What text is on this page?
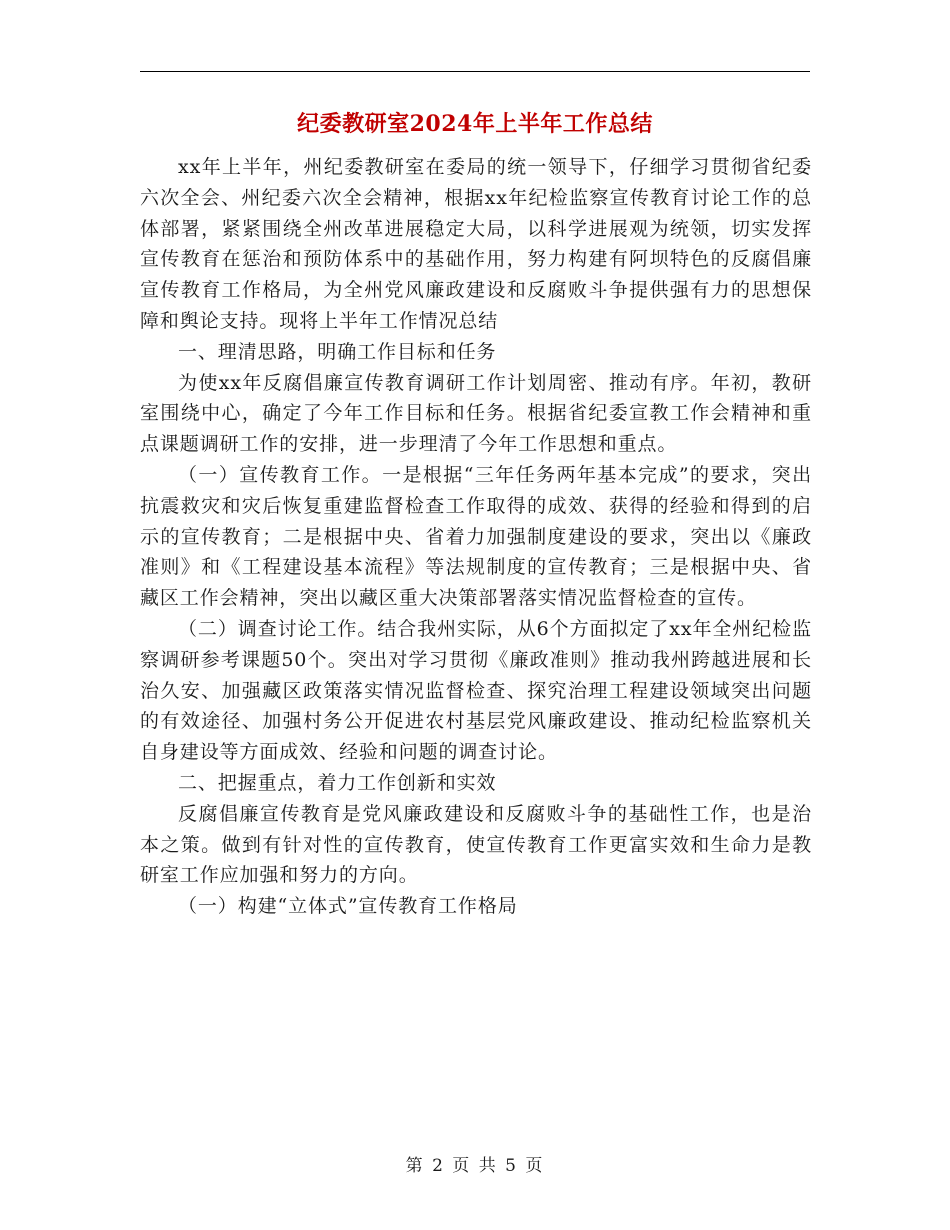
纪委教研室2024年上半年工作总结

xx年上半年，州纪委教研室在委局的统一领导下，仔细学习贯彻省纪委六次全会、州纪委六次全会精神，根据xx年纪检监察宣传教育讨论工作的总体部署，紧紧围绕全州改革进展稳定大局，以科学进展观为统领，切实发挥宣传教育在惩治和预防体系中的基础作用，努力构建有阿坝特色的反腐倡廉宣传教育工作格局，为全州党风廉政建设和反腐败斗争提供强有力的思想保障和舆论支持。现将上半年工作情况总结

一、理清思路，明确工作目标和任务

为使xx年反腐倡廉宣传教育调研工作计划周密、推动有序。年初，教研室围绕中心，确定了今年工作目标和任务。根据省纪委宣教工作会精神和重点课题调研工作的安排，进一步理清了今年工作思想和重点。

（一）宣传教育工作。一是根据“三年任务两年基本完成”的要求，突出抗震救灾和灾后恢复重建监督检查工作取得的成效、获得的经验和得到的启示的宣传教育；二是根据中央、省着力加强制度建设的要求，突出以《廉政准则》和《工程建设基本流程》等法规制度的宣传教育；三是根据中央、省藏区工作会精神，突出以藏区重大决策部署落实情况监督检查的宣传。

（二）调查讨论工作。结合我州实际，从6个方面拟定了xx年全州纪检监察调研参考课题50个。突出对学习贯彻《廉政准则》推动我州跨越进展和长治久安、加强藏区政策落实情况监督检查、探究治理工程建设领域突出问题的有效途径、加强村务公开促进农村基层党风廉政建设、推动纪检监察机关自身建设等方面成效、经验和问题的调查讨论。

二、把握重点，着力工作创新和实效

反腐倡廉宣传教育是党风廉政建设和反腐败斗争的基础性工作，也是治本之策。做到有针对性的宣传教育，使宣传教育工作更富实效和生命力是教研室工作应加强和努力的方向。

（一）构建“立体式”宣传教育工作格局

第 2 页 共 5 页
